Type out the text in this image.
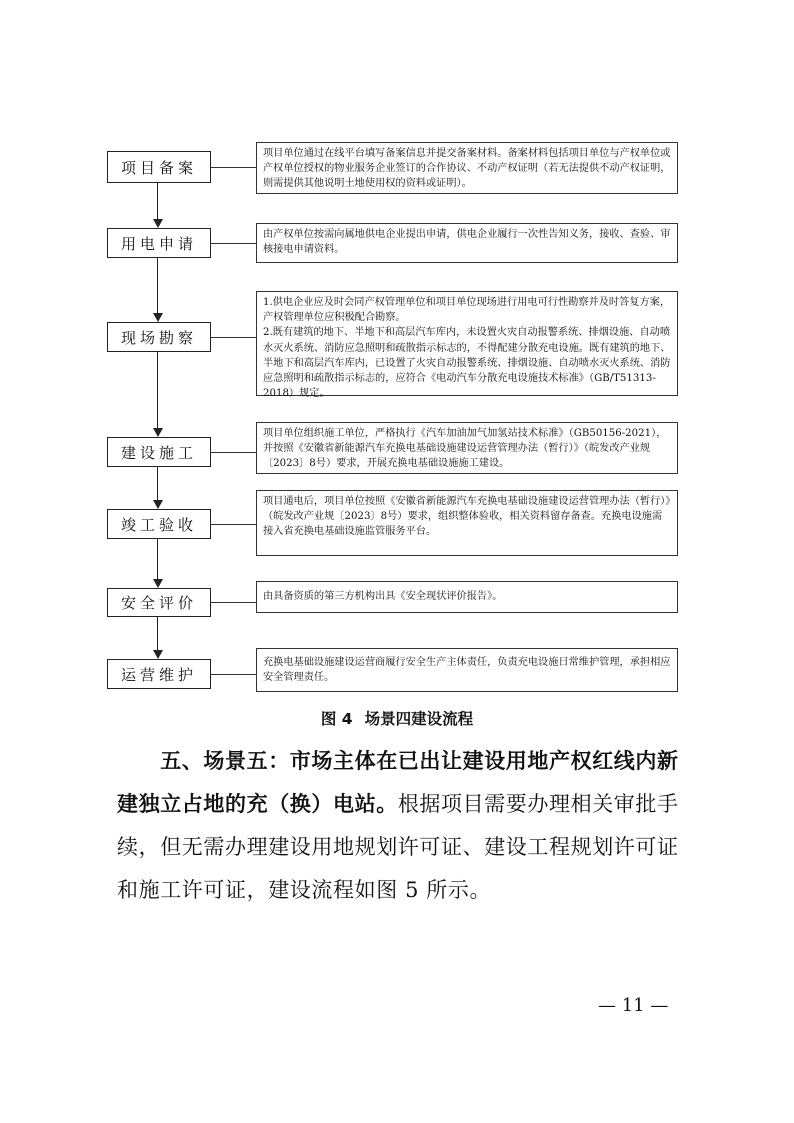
项目备案
用电申请
现场勘察
建设施工
竣工验收
安全评价
运营维护

项目单位通过在线平台填写备案信息并提交备案材料。备案材料包括项目单位与产权单位或产权单位授权的物业服务企业签订的合作协议、不动产权证明（若无法提供不动产权证明，则需提供其他说明土地使用权的资料或证明）。

由产权单位按需向属地供电企业提出申请，供电企业履行一次性告知义务，接收、查验、审核接电申请资料。

1.供电企业应及时会同产权管理单位和项目单位现场进行用电可行性勘察并及时答复方案，产权管理单位应积极配合勘察。

2.既有建筑的地下、半地下和高层汽车库内，未设置火灾自动报警系统、排烟设施、自动喷水灭火系统、消防应急照明和疏散指示标志的，不得配建分散充电设施。既有建筑的地下、半地下和高层汽车库内，已设置了火灾自动报警系统、排烟设施、自动喷水灭火系统、消防应急照明和疏散指示标志的，应符合《电动汽车分散充电设施技术标准》（GB/T51313-2018）规定。

项目单位组织施工单位，严格执行《汽车加油加气加氢站技术标准》（GB50156-2021），并按照《安徽省新能源汽车充换电基础设施建设运营管理办法（暂行）》（皖发改产业规〔2023〕8号）要求，开展充换电基础设施施工建设。

项目通电后，项目单位按照《安徽省新能源汽车充换电基础设施建设运营管理办法（暂行）》（皖发改产业规〔2023〕8号）要求，组织整体验收，相关资料留存备查。充换电设施需接入省充换电基础设施监管服务平台。

由具备资质的第三方机构出具《安全现状评价报告》。

充换电基础设施建设运营商履行安全生产主体责任，负责充电设施日常维护管理，承担相应安全管理责任。

图 4 场景四建设流程
  五、场景五：市场主体在已出让建设用地产权红线内新建独立占地的充（换）电站。根据项目需要办理相关审批手续，但无需办理建设用地规划许可证、建设工程规划许可证和施工许可证，建设流程如图 5 所示。
— 11 —
